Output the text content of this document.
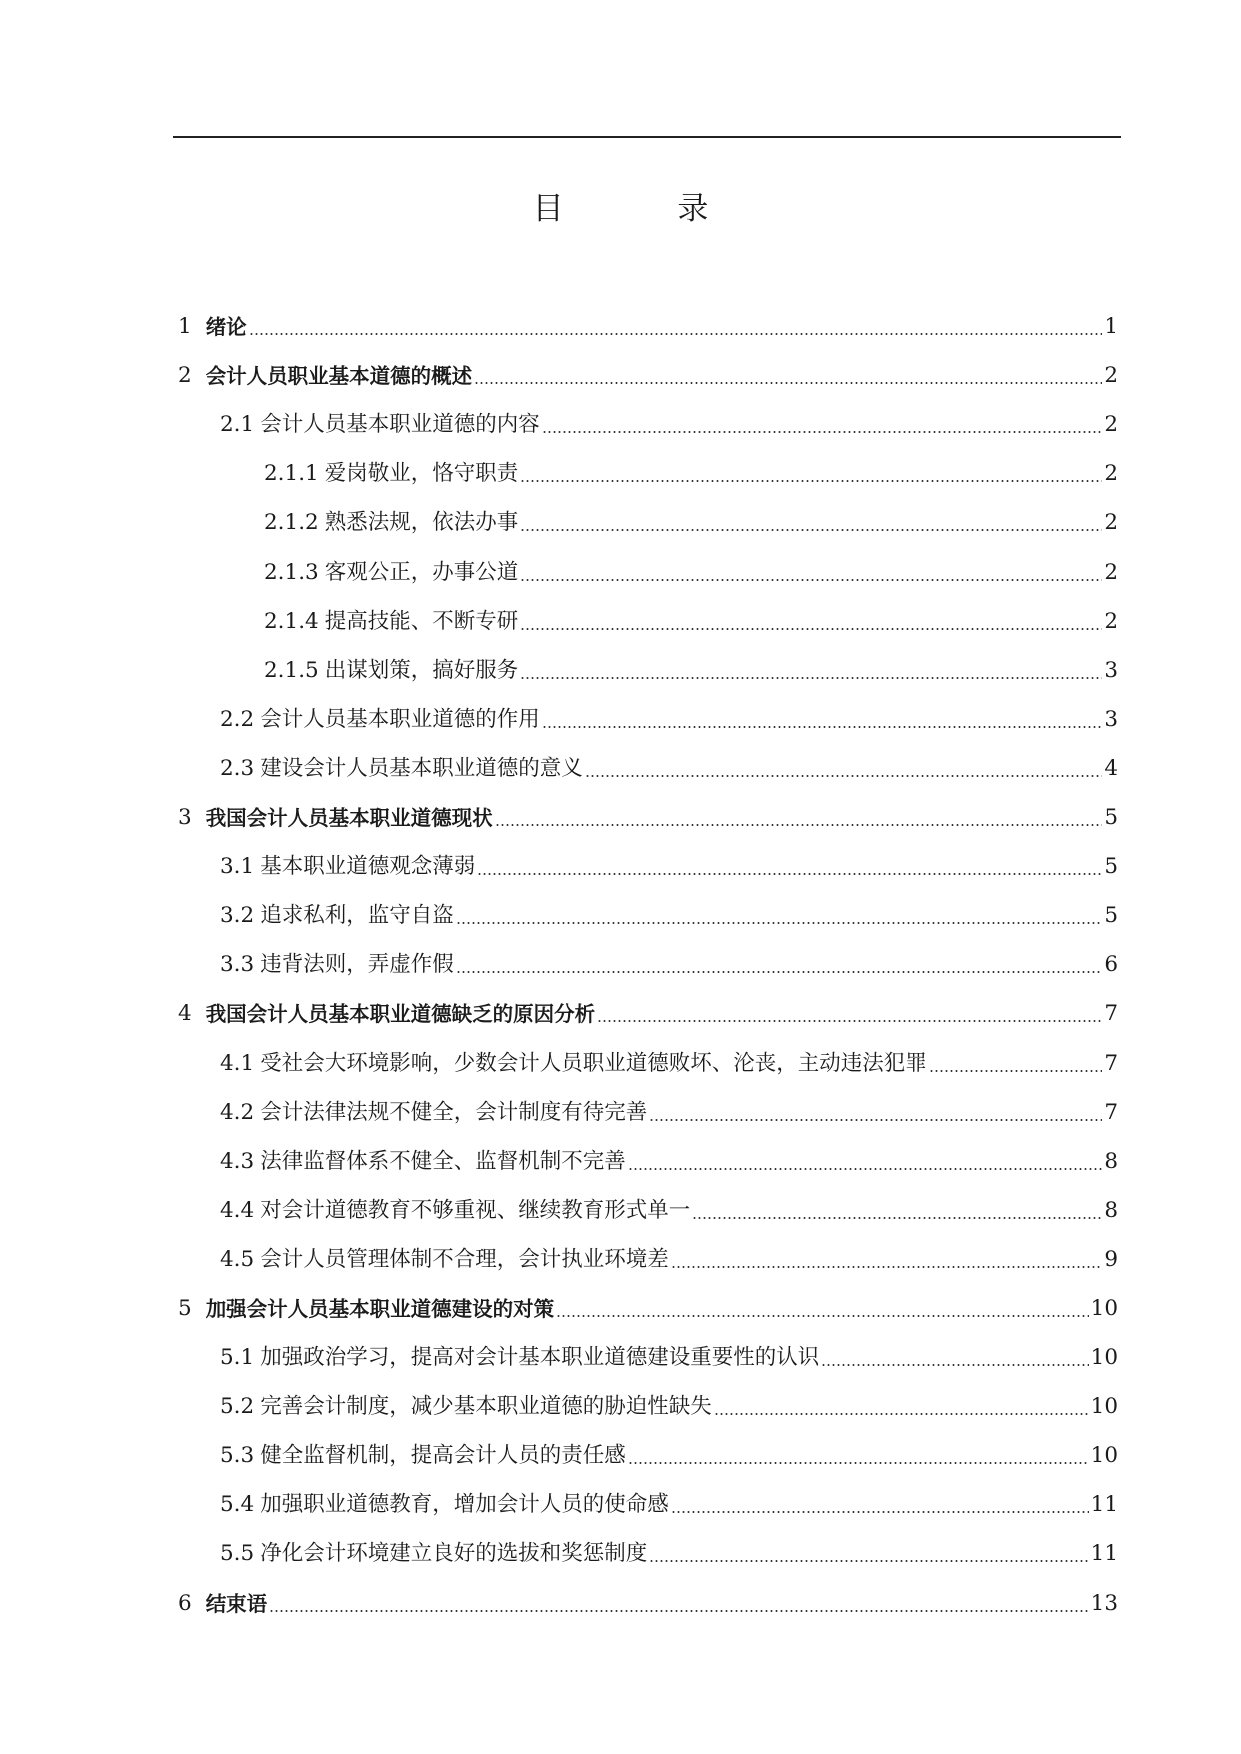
目 录
1 绪论	1
2 会计人员职业基本道德的概述	2
2.1 会计人员基本职业道德的内容	2
2.1.1 爱岗敬业，恪守职责	2
2.1.2 熟悉法规，依法办事	2
2.1.3 客观公正，办事公道	2
2.1.4 提高技能、不断专研	2
2.1.5 出谋划策，搞好服务	3
2.2 会计人员基本职业道德的作用	3
2.3 建设会计人员基本职业道德的意义	4
3 我国会计人员基本职业道德现状	5
3.1 基本职业道德观念薄弱	5
3.2 追求私利，监守自盗	5
3.3 违背法则，弄虚作假	6
4 我国会计人员基本职业道德缺乏的原因分析	7
4.1 受社会大环境影响，少数会计人员职业道德败坏、沦丧，主动违法犯罪	7
4.2 会计法律法规不健全，会计制度有待完善	7
4.3 法律监督体系不健全、监督机制不完善	8
4.4 对会计道德教育不够重视、继续教育形式单一	8
4.5 会计人员管理体制不合理，会计执业环境差	9
5 加强会计人员基本职业道德建设的对策	10
5.1 加强政治学习，提高对会计基本职业道德建设重要性的认识	10
5.2 完善会计制度，减少基本职业道德的胁迫性缺失	10
5.3 健全监督机制，提高会计人员的责任感	10
5.4 加强职业道德教育，增加会计人员的使命感	11
5.5 净化会计环境建立良好的选拔和奖惩制度	11
6 结束语	13
